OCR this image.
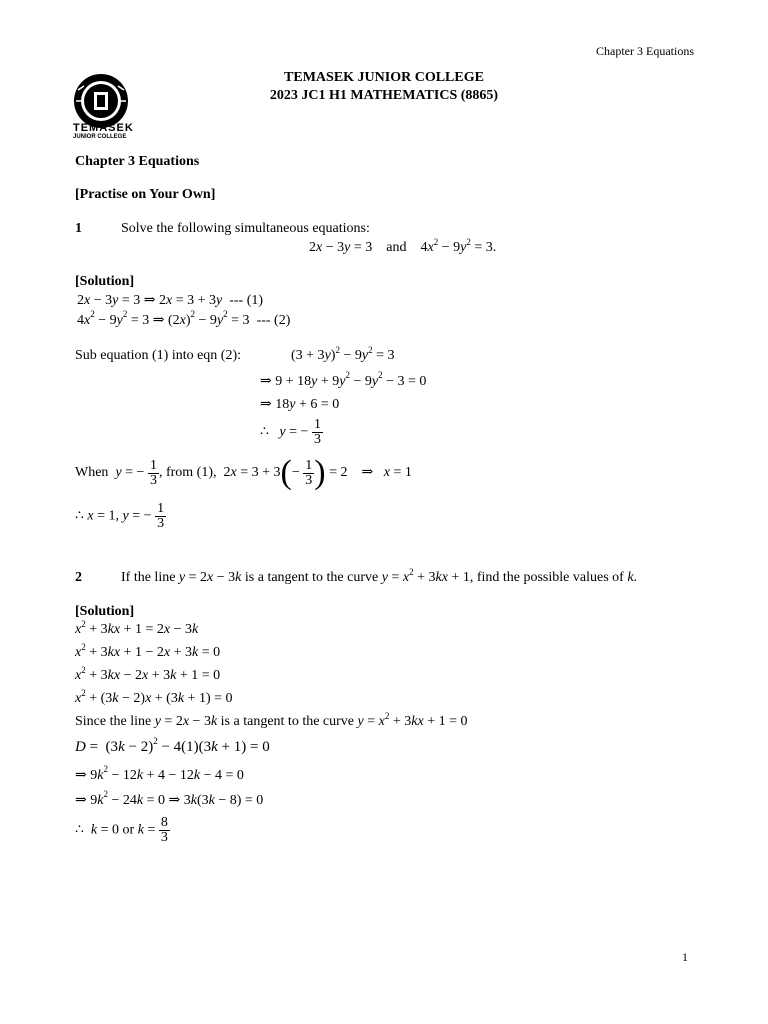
Chapter 3 Equations
TEMASEK
JUNIOR COLLEGE
TEMASEK JUNIOR COLLEGE
2023 JC1 H1 MATHEMATICS (8865)
Chapter 3 Equations
[Practise on Your Own]
1	Solve the following simultaneous equations:
2x − 3y = 3    and    $4x^2 - 9y^2 = 3$.
[Solution]
2x − 3y = 3 ⇒ 2x = 3 + 3y --- (1)
$4x^2 - 9y^2 = 3$ ⇒ $(2x)^2 - 9y^2 = 3$  --- (2)
Sub equation (1) into eqn (2):	$(3 + 3y)^2 - 9y^2 = 3$
⇒ $9 + 18y + 9y^2 - 9y^2 - 3 = 0$
⇒ 18y + 6 = 0
∴   y = − $\frac{1}{3}$
When y = − $\frac{1}{3}$ , from (1),  $2x = 3 + 3(- \frac{1}{3}$ ) = 2    ⇒   x = 1
∴ x = 1, y = − $\frac{1}{3}$
2	If the line y = 2x − 3k is a tangent to the curve $y = x^2 + 3kx + 1$, find the possible values of k.
[Solution]
$x^2 + 3kx + 1 = 2x - 3k$
$x^2 + 3kx + 1 - 2x + 3k = 0$
$x^2 + 3kx - 2x + 3k + 1 = 0$
$x^2 + (3k - 2)x + (3k + 1) = 0$
Since the line y = 2x − 3k is a tangent to the curve $y = x^2 + 3kx + 1 = 0$
$D = (3k - 2)^2 - 4(1)(3k + 1) = 0$
⇒ $9k^2 - 12k + 4 - 12k - 4 = 0$
⇒ $9k^2 - 24k = 0$ ⇒ 3k(3k − 8) = 0
∴  k = 0 or $k = \frac{8}{3}$
1
